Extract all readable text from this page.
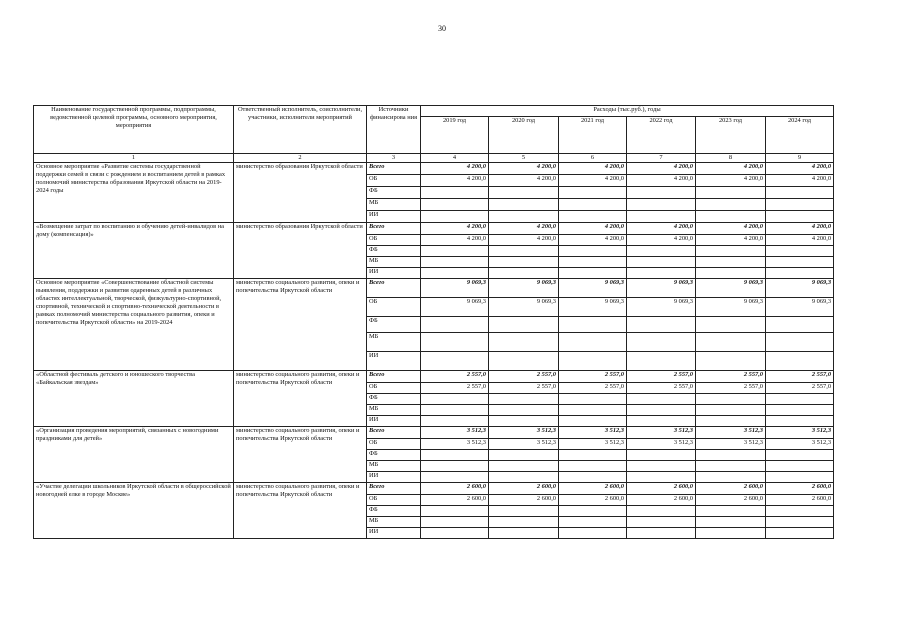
30
Наименование государственной программы, подпрограммы, ведомственной целевой программы, основного мероприятия, мероприятия	Ответственный исполнитель, соисполнители, участники, исполнители мероприятий	Источники финансирова ния	Расходы (тыс.руб.), годы					
			2019 год	2020 год	2021 год	2022 год	2023 год	2024 год
1	2	3	4	5	6	7	8	9
Основное мероприятие «Развитие системы государственной поддержки семей в связи с рождением и воспитанием детей в рамках полномочий министерства образования Иркутской области на 2019-2024 годы	министерство образования Иркутской области	Всего	4 200,0	4 200,0	4 200,0	4 200,0	4 200,0	4 200,0
		ОБ	4 200,0	4 200,0	4 200,0	4 200,0	4 200,0	4 200,0
		ФБ						
		МБ						
		ИИ						
«Возмещение затрат по воспитанию и обучению детей-инвалидов на дому (компенсация)»	министерство образования Иркутской области	Всего	4 200,0	4 200,0	4 200,0	4 200,0	4 200,0	4 200,0
		ОБ	4 200,0	4 200,0	4 200,0	4 200,0	4 200,0	4 200,0
		ФБ						
		МБ						
		ИИ						
Основное мероприятие «Совершенствование областной системы выявления, поддержки и развития одаренных детей в различных областях интеллектуальной, творческой, физкультурно-спортивной, спортивной, технической и спортивно-технической деятельности в рамках полномочий министерства социального развития, опеки и попечительства Иркутской области» на 2019-2024	министерство социального развития, опеки и попечительства Иркутской области	Всего	9 069,3	9 069,3	9 069,3	9 069,3	9 069,3	9 069,3
		ОБ	9 069,3	9 069,3	9 069,3	9 069,3	9 069,3	9 069,3
		ФБ						
		МБ						
		ИИ						
«Областной фестиваль детского и юношеского творчества «Байкальская звездам»	министерство социального развития, опеки и попечительства Иркутской области	Всего	2 557,0	2 557,0	2 557,0	2 557,0	2 557,0	2 557,0
		ОБ	2 557,0	2 557,0	2 557,0	2 557,0	2 557,0	2 557,0
		ФБ						
		МБ						
		ИИ						
«Организация проведения мероприятий, связанных с новогодними праздниками для детей»	министерство социального развития, опеки и попечительства Иркутской области	Всего	3 512,3	3 512,3	3 512,3	3 512,3	3 512,3	3 512,3
		ОБ	3 512,3	3 512,3	3 512,3	3 512,3	3 512,3	3 512,3
		ФБ						
		МБ						
		ИИ						
«Участие делегации школьников Иркутской области в общероссийской новогодней елке в городе Москве»	министерство социального развития, опеки и попечительства Иркутской области	Всего	2 600,0	2 600,0	2 600,0	2 600,0	2 600,0	2 600,0
		ОБ	2 600,0	2 600,0	2 600,0	2 600,0	2 600,0	2 600,0
		ФБ						
		МБ						
		ИИ						
